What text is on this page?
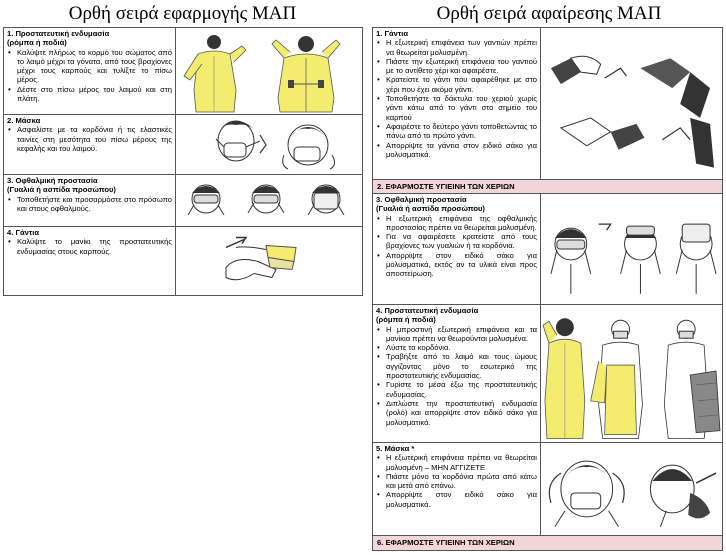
Ορθή σειρά εφαρμογής ΜΑΠ	Ορθή σειρά αφαίρεσης ΜΑΠ
1. Προστατευτική ενδυμασία
(ρόμπα ή ποδιά)
• Καλύψτε πλήρως το κορμό του σώματος από το λαιμό μέχρι τα γόνατα, από τους βραχίονες μέχρι τους καρπούς και τυλίξτε το πίσω μέρος.
• Δέστε στο πίσω μέρος του λαιμού και στη πλάτη.
2. Μάσκα
• Ασφαλίστε με τα κορδόνια ή τις ελαστικές ταινίες στη μεσότητα του πίσω μέρους της κεφαλής και του λαιμού.
3. Οφθαλμική προστασία
(Γυαλιά ή ασπίδα προσώπου)
• Τοποθετήστε και προσαρμόστε στο πρόσωπο και στους οφθαλμούς.
4. Γάντια
• Καλύψτε το μανίκι της προστατευτικής ενδυμασίας στους καρπούς.
1. Γάντια
• Η εξωτερική επιφάνεια των γαντιών πρέπει να θεωρείται μολυσμένη.
• Πιάστε την εξωτερική επιφάνεια του γαντιού με το αντίθετο χέρι και αφαιρέστε.
• Κρατείστε το γάντι που αφαιρέθηκε με στο χέρι που έχει ακόμα γάντι.
• Τοποθετήστε τα δάκτυλα του χεριού χωρίς γάντι κάτω από το γάντι στο σημείο του καρπού
• Αφαιρέστε το δεύτερο γάντι τοποθετώντας το πάνω από το πρώτο γάντι.
• Απορρίψτε τα γάντια στον ειδικό σάκο για μολυσματικά.
2. ΕΦΑΡΜΟΣΤΕ ΥΓΙΕΙΝΗ ΤΩΝ ΧΕΡΙΩΝ
3. Οφθαλμική προστασία
(Γυαλιά ή ασπίδα προσώπου)
• Η εξωτερική επιφάνεια της οφθαλμικής προστασίας πρέπει να θεωρείται μολυσμένη.
• Για να αφαιρέσετε κρατείστε από τους βραχίονες των γυαλιών ή τα κορδόνια.
• Απορρίψτε στον ειδικό σάκο για μολυσματικά, εκτός αν τα υλικά είναι προς αποστείρωση.
4. Προστατευτική ενδυμασία
(ρόμπα ή ποδιά)
• Η μπροστινή εξωτερική επιφάνεια και τα μανίκια πρέπει να θεωρούνται μολυσμένα.
• Λύστε τα κορδόνια.
• Τραβήξτε από το λαιμό και τους ώμους αγγίζοντας μόνο το εσωτερικό της προστατευτικής ενδυμασίας.
• Γυρίστε το μέσα έξω της προστατευτικής ενδυμασίας.
• Διπλώστε την προστατευτική ενδυμασία (ρολό) και απορρίψτε στον ειδικό σάκο για μολυσματικά.
5. Μάσκα *
• Η εξωτερική επιφάνεια πρέπει να θεωρείται μολυσμένη – ΜΗΝ ΑΓΓΙΖΕΤΕ
• Πιάστε μόνο τα κορδόνια πρώτα από κάτω και μετά από επάνω.
• Απορρίψτε στον ειδικό σάκο για μολυσματικά.
6. ΕΦΑΡΜΟΣΤΕ ΥΓΙΕΙΝΗ ΤΩΝ ΧΕΡΙΩΝ
